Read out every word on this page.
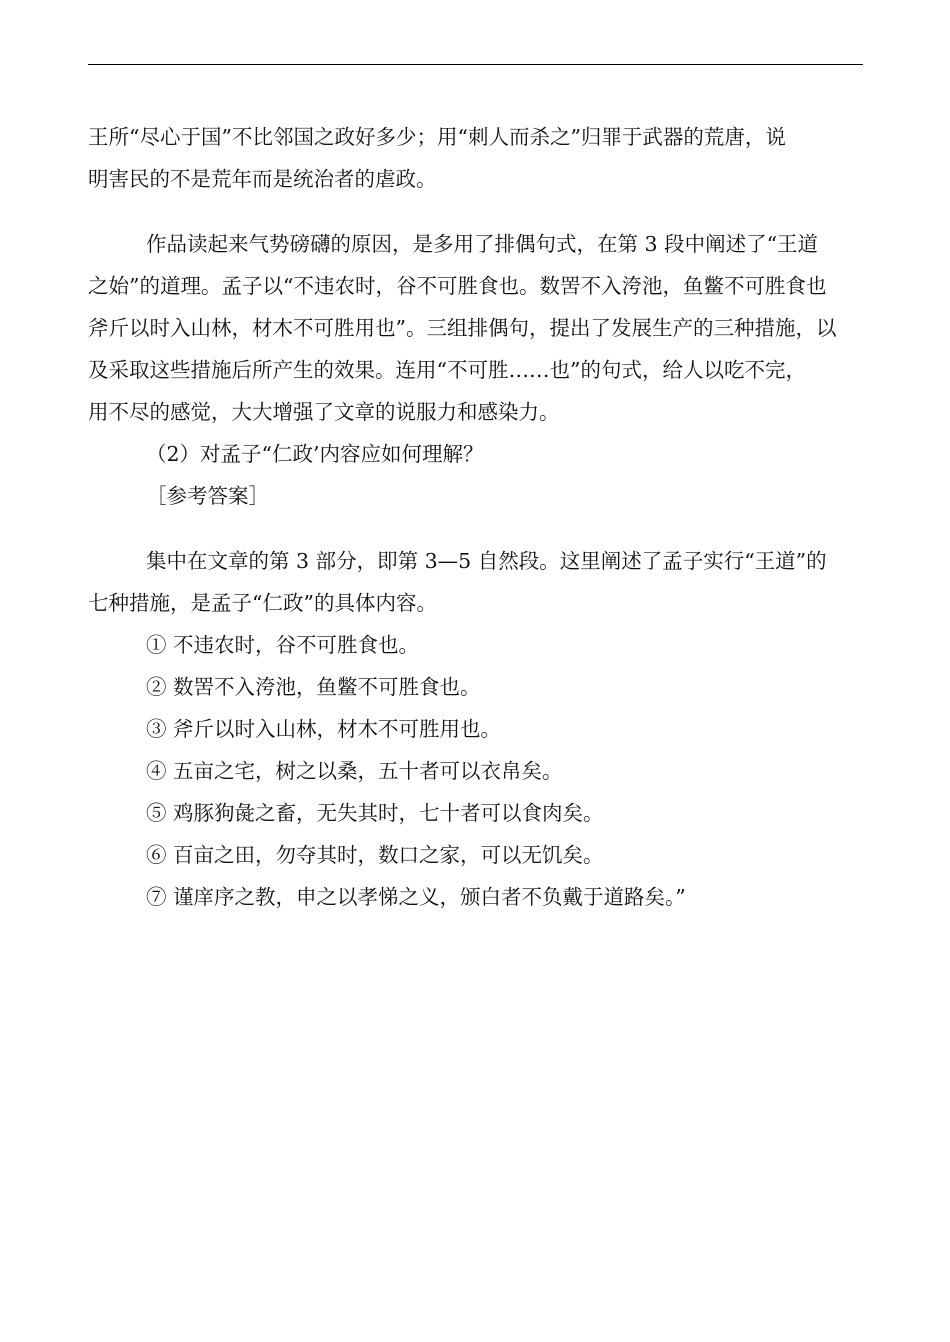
王所“尽心于国”不比邻国之政好多少；用“刺人而杀之”归罪于武器的荒唐，说
明害民的不是荒年而是统治者的虐政。

作品读起来气势磅礴的原因，是多用了排偶句式，在第 3 段中阐述了“王道
之始”的道理。孟子以“不违农时，谷不可胜食也。数罟不入洿池，鱼鳖不可胜食也
斧斤以时入山林，材木不可胜用也”。三组排偶句，提出了发展生产的三种措施，以
及采取这些措施后所产生的效果。连用“不可胜……也”的句式，给人以吃不完，
用不尽的感觉，大大增强了文章的说服力和感染力。

（2）对孟子“仁政’内容应如何理解？

［参考答案］

集中在文章的第 3 部分，即第 3—5 自然段。这里阐述了孟子实行“王道”的
七种措施，是孟子“仁政”的具体内容。

① 不违农时，谷不可胜食也。

② 数罟不入洿池，鱼鳖不可胜食也。

③ 斧斤以时入山林，材木不可胜用也。

④ 五亩之宅，树之以桑，五十者可以衣帛矣。

⑤ 鸡豚狗彘之畜，无失其时，七十者可以食肉矣。

⑥ 百亩之田，勿夺其时，数口之家，可以无饥矣。

⑦ 谨庠序之教，申之以孝悌之义，颁白者不负戴于道路矣。”
